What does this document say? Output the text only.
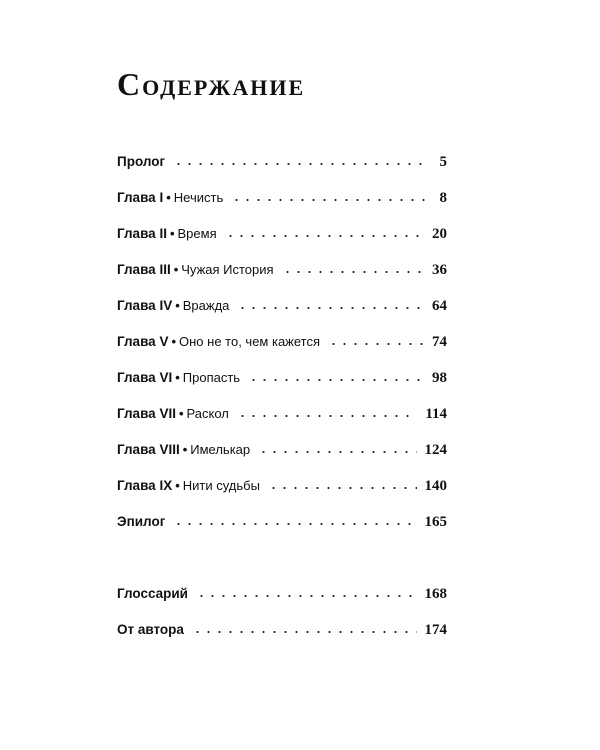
Содержание
Пролог	5
Глава I • Нечисть	8
Глава II • Время	20
Глава III • Чужая История	36
Глава IV • Вражда	64
Глава V • Оно не то, чем кажется	74
Глава VI • Пропасть	98
Глава VII • Раскол	114
Глава VIII • Имелькар	124
Глава IX • Нити судьбы	140
Эпилог	165
Глоссарий	168
От автора	174
